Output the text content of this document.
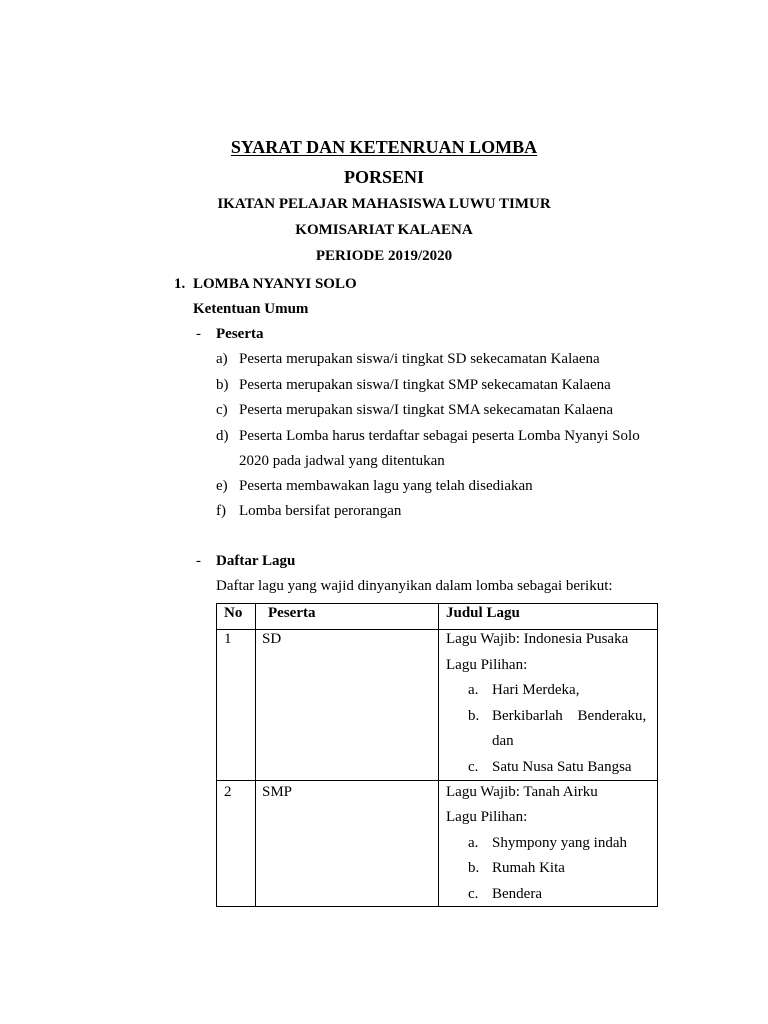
SYARAT DAN KETENRUAN LOMBA
PORSENI
IKATAN PELAJAR MAHASISWA LUWU TIMUR
KOMISARIAT KALAENA
PERIODE 2019/2020
1. LOMBA NYANYI SOLO
Ketentuan Umum
- Peserta
a) Peserta merupakan siswa/i tingkat SD sekecamatan Kalaena
b) Peserta merupakan siswa/I tingkat SMP sekecamatan Kalaena
c) Peserta merupakan siswa/I tingkat SMA sekecamatan Kalaena
d) Peserta Lomba harus terdaftar sebagai peserta Lomba Nyanyi Solo
2020 pada jadwal yang ditentukan
e) Peserta membawakan lagu yang telah disediakan
f) Lomba bersifat perorangan
- Daftar Lagu
Daftar lagu yang wajid dinyanyikan dalam lomba sebagai berikut:
No Peserta	Judul Lagu
1 SD	Lagu Wajib: Indonesia Pusaka
Lagu Pilihan:
a. Hari Merdeka,
b. Berkibarlah Benderaku,
dan
c. Satu Nusa Satu Bangsa
2 SMP	Lagu Wajib: Tanah Airku
Lagu Pilihan:
a. Shympony yang indah
b. Rumah Kita
c. Bendera
